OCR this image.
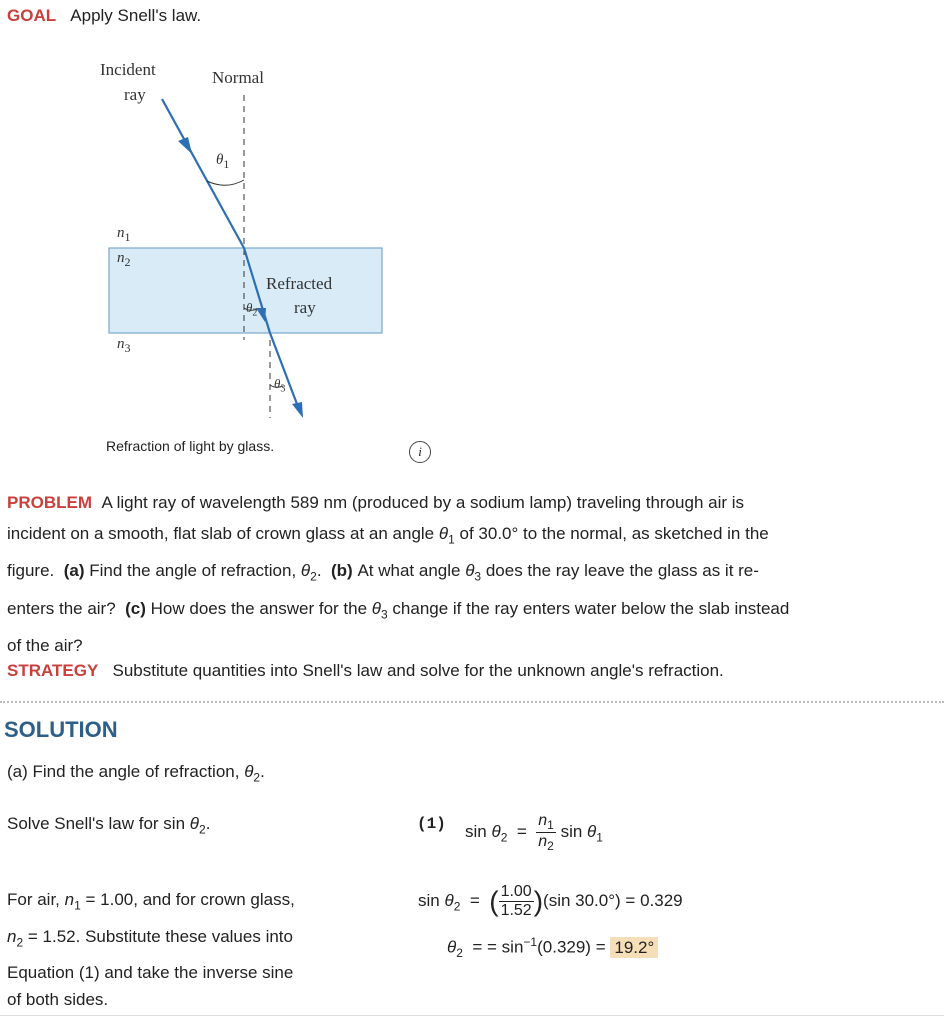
GOAL Apply Snell's law.
Incident
ray
Normal
$\theta_1$
$n_1$
$n_2$
$n_3$
Refracted
ray
$\theta_2$
$\theta_3$
Refraction of light by glass.	i
PROBLEM A light ray of wavelength 589 nm (produced by a sodium lamp) traveling through air is
incident on a smooth, flat slab of crown glass at an angle $\theta_1$ of 30.0° to the normal, as sketched in the
figure. (a) Find the angle of refraction, $\theta_2$. (b) At what angle $\theta_3$ does the ray leave the glass as it re-
enters the air? (c) How does the answer for the $\theta_3$ change if the ray enters water below the slab instead
of the air?
STRATEGY Substitute quantities into Snell's law and solve for the unknown angle's refraction.
SOLUTION
(a) Find the angle of refraction, $\theta_2$.
Solve Snell's law for $\sin \theta_2$.	(1) $\sin \theta_2 = \frac{n_1}{n_2}$ $\sin \theta_1$
For air, $n_1 = 1.00$, and for crown glass,
$n_2 = 1.52$. Substitute these values into
Equation (1) and take the inverse sine
of both sides.
$\sin \theta_2$ = ( $\frac{1.00}{1.52} )(\sin$ 30.0°) = 0.329
$\theta_2$ = = $\sin^{-1}(0.329) = 19.2^\circ$
